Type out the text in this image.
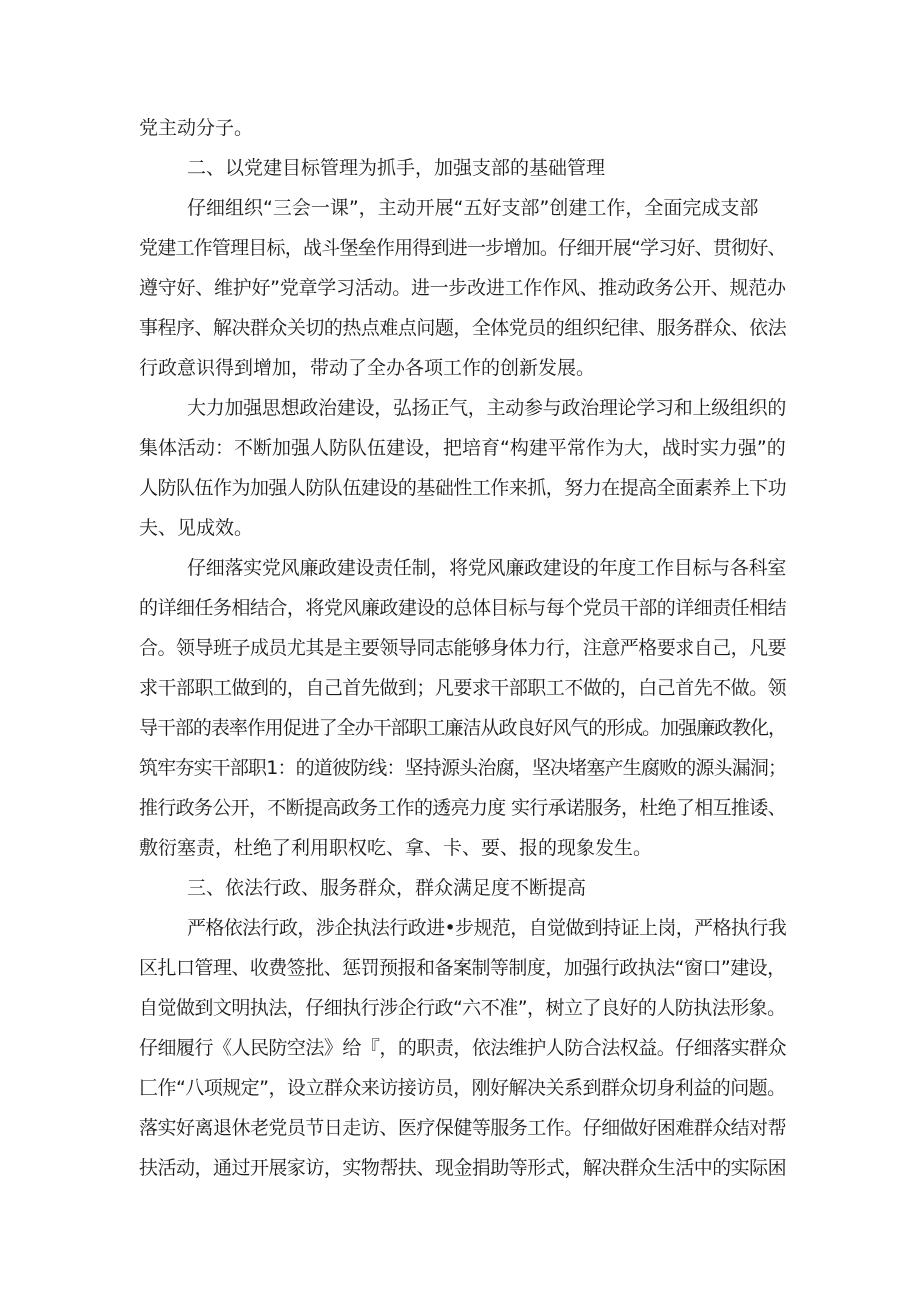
党主动分子。
二、以党建目标管理为抓手，加强支部的基础管理
仔细组织“三会一课”，主动开展“五好支部”创建工作，全面完成支部
党建工作管理目标，战斗堡垒作用得到进一步增加。仔细开展“学习好、贯彻好、
遵守好、维护好”党章学习活动。进一步改进工作作风、推动政务公开、规范办
事程序、解决群众关切的热点难点问题，全体党员的组织纪律、服务群众、依法
行政意识得到增加，带动了全办各项工作的创新发展。
大力加强思想政治建设，弘扬正气，主动参与政治理论学习和上级组织的
集体活动：不断加强人防队伍建设，把培育“构建平常作为大，战时实力强”的
人防队伍作为加强人防队伍建设的基础性工作来抓，努力在提高全面素养上下功
夫、见成效。
仔细落实党风廉政建设责任制，将党风廉政建设的年度工作目标与各科室
的详细任务相结合，将党风廉政建设的总体目标与每个党员干部的详细责任相结
合。领导班子成员尤其是主要领导同志能够身体力行，注意严格要求自己，凡要
求干部职工做到的，自己首先做到；凡要求干部职工不做的，白己首先不做。领
导干部的表率作用促进了全办干部职工廉洁从政良好风气的形成。加强廉政教化，
筑牢夯实干部职1：的道彼防线：坚持源头治腐，坚决堵塞产生腐败的源头漏洞；
推行政务公开，不断提高政务工作的透亮力度 实行承诺服务，杜绝了相互推诿、
敷衍塞责，杜绝了利用职权吃、拿、卡、要、报的现象发生。
三、依法行政、服务群众，群众满足度不断提高
严格依法行政，涉企执法行政进•步规范，自觉做到持证上岗，严格执行我
区扎口管理、收费签批、惩罚预报和备案制等制度，加强行政执法“窗口”建设，
自觉做到文明执法，仔细执行涉企行政“六不准”，树立了良好的人防执法形象。
仔细履行《人民防空法》给『，的职责，依法维护人防合法权益。仔细落实群众
匚作“八项规定”，设立群众来访接访员，刚好解决关系到群众切身利益的问题。
落实好离退休老党员节日走访、医疗保健等服务工作。仔细做好困难群众结对帮
扶活动，通过开展家访，实物帮扶、现金捐助等形式，解决群众生活中的实际困
